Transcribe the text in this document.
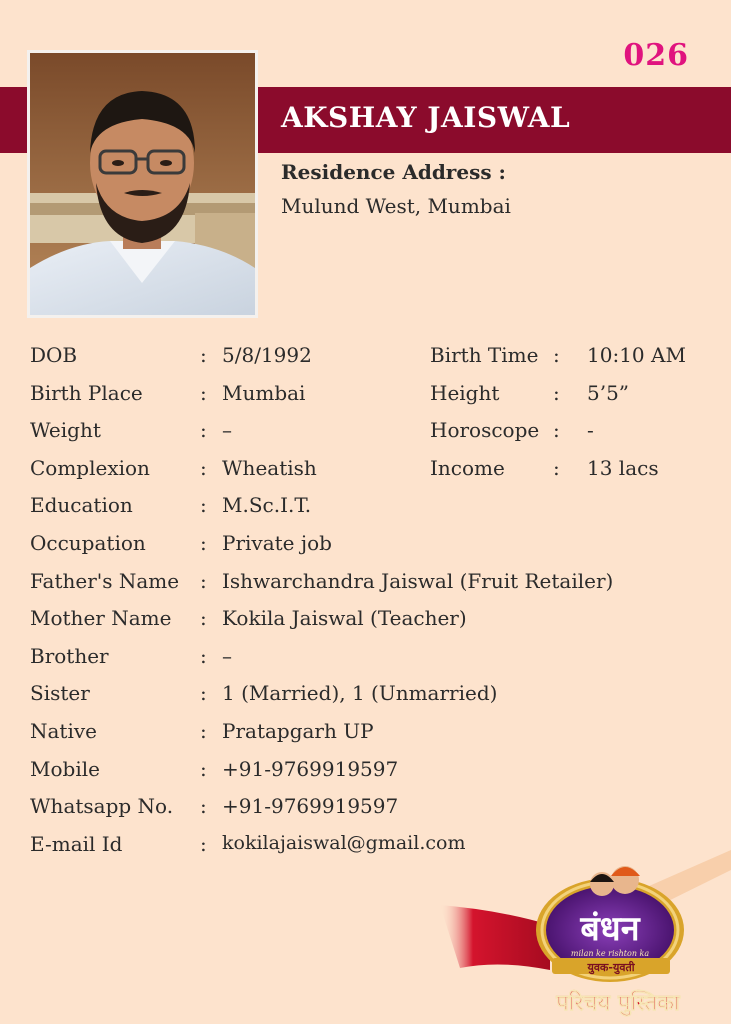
026
AKSHAY JAISWAL
Residence Address :
Mulund West, Mumbai
DOB	: 5/8/1992	Birth Time : 10:10 AM
Birth Place	: Mumbai	Height	: 5’5”
Weight	: –	Horoscope : -
Complexion	: Wheatish	Income : 13 lacs
Education	: M.Sc.I.T.
Occupation	: Private job
Father's Name : Ishwarchandra Jaiswal (Fruit Retailer)
Mother Name : Kokila Jaiswal (Teacher)
Brother	: –
Sister	: 1 (Married), 1 (Unmarried)
Native	: Pratapgarh UP
Mobile	: +91-9769919597
Whatsapp No. : +91-9769919597
E-mail Id	: kokilajaiswal@gmail.com
बंधन
milan ke rishton ka
युवक-युवती
परिचय पुस्तिका
